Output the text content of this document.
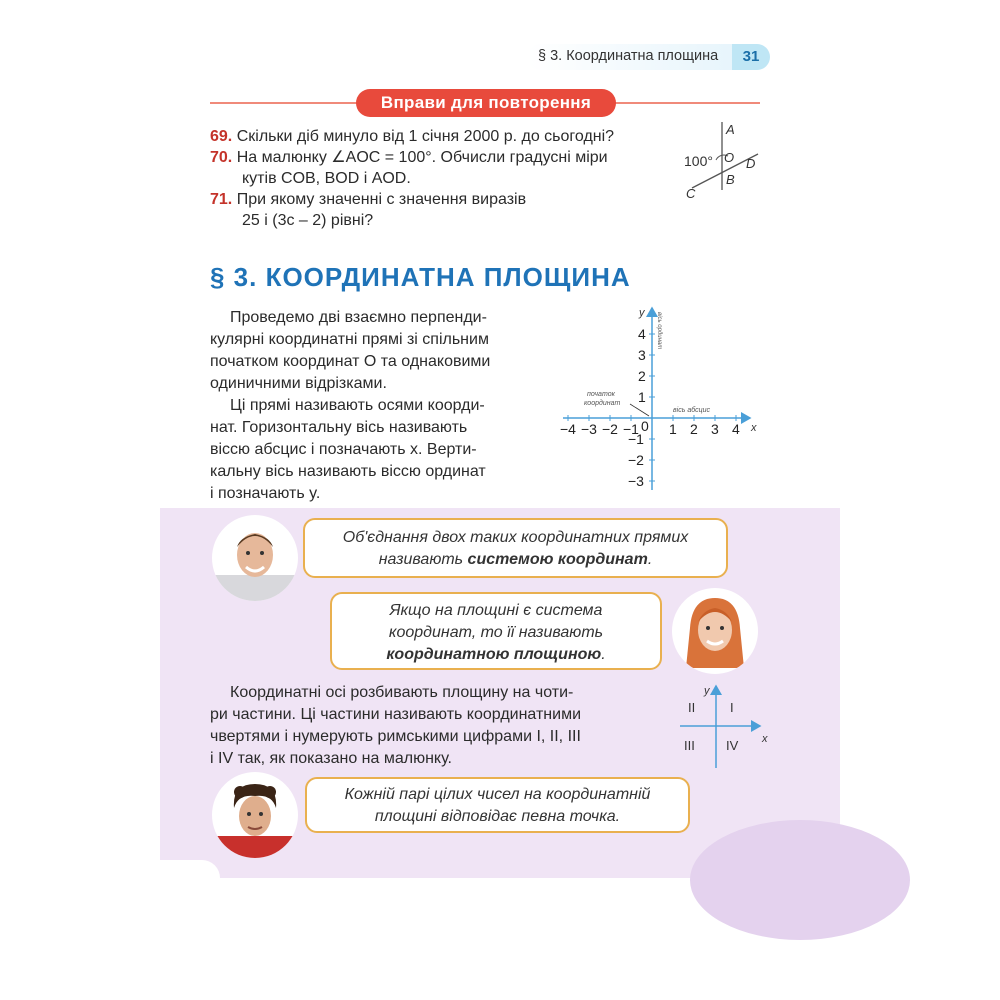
§ 3. Координатна площина	31
Вправи для повторення
69. Скільки діб минуло від 1 січня 2000 р. до сьогодні?
70. На малюнку ∠AOC = 100°. Обчисли градусні міри
кутів COB, BOD і AOD.
71. При якому значенні c значення виразів
25 і (3c – 2) рівні?
100°
A
O D
B
C
§ 3. КООРДИНАТНА ПЛОЩИНА
Проведемо дві взаємно перпенди-
кулярні координатні прямі зі спільним
початком координат O та однаковими
одиничними відрізками.
Ці прямі називають осями коорди-
нат. Горизонтальну вісь називають
віссю абсцис і позначають x. Верти-
кальну вісь називають віссю ординат
і позначають y.
−4 −3 −2 −1 1 2 3 4
4
3
2
1
−1
−2
−3
x
y
0
початок
координат
вісь абсцис
вісь ординат
Об'єднання двох таких координатних прямих
називають системою координат.
Якщо на площині є система
координат, то її називають
координатною площиною.
Координатні осі розбивають площину на чоти-
ри частини. Ці частини називають координатними
чвертями і нумерують римськими цифрами I, II, III
і IV так, як показано на малюнку.
x
y
II	I
III IV
Кожній парі цілих чисел на координатній
площині відповідає певна точка.
